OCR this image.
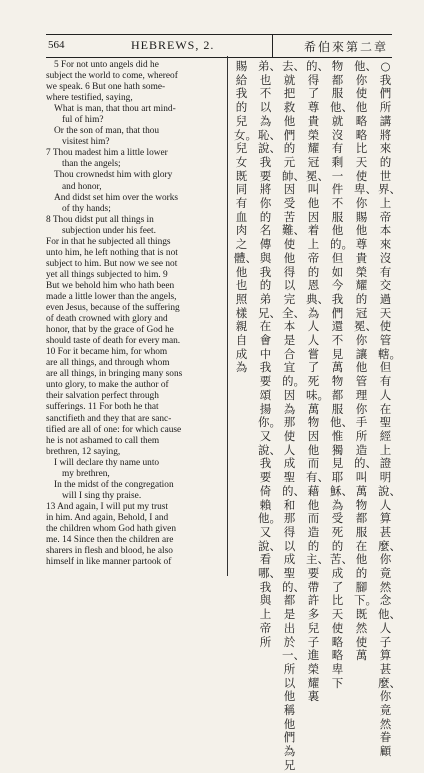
564	HEBREWS, 2.	希伯來第二章
5 For not unto angels did he
subject the world to come, whereof
we speak. 6 But one hath some-
where testified, saying,
What is man, that thou art mind-
ful of him?
Or the son of man, that thou
visitest him?
7 Thou madest him a little lower
than the angels;
Thou crownedst him with glory
and honor,
And didst set him over the works
of thy hands;
8 Thou didst put all things in
subjection under his feet.
For in that he subjected all things
unto him, he left nothing that is not
subject to him. But now we see not
yet all things subjected to him. 9
But we behold him who hath been
made a little lower than the angels,
even Jesus, because of the suffering
of death crowned with glory and
honor, that by the grace of God he
should taste of death for every man.
10 For it became him, for whom
are all things, and through whom
are all things, in bringing many sons
unto glory, to make the author of
their salvation perfect through
sufferings. 11 For both he that
sanctifieth and they that are sanc-
tified are all of one: for which cause
he is not ashamed to call them
brethren, 12 saying,
I will declare thy name unto
my brethren,
In the midst of the congregation
will I sing thy praise.
13 And again, I will put my trust
in him. And again, Behold, I and
the children whom God hath given
me. 14 Since then the children are
sharers in flesh and blood, he also
himself in like manner partook of
○我們所講將來的世界、上帝本來沒有交過天使管轄。但有人在聖經上證明說、人算甚麼、你竟然念他、人子算甚麼、你竟然眷顧
他、你使他略略比天使卑、你賜他尊貴榮耀的冠冕、你讓他管理你手所造的、叫萬物都服在他的腳下。既然使萬
物都服他、就沒有剩一件不服他的。但如今我們還不見萬物都服他、惟獨見耶穌、為受死的苦、成了比天使略略卑下
的、得了尊貴榮耀冠冕、叫他因着上帝的恩典、為人人嘗了死味。萬物因他而有、藉他而造的主、要帶許多兒子進榮耀裏
去、就把救他們的元帥、因受苦難、使他得以完全、本是合宜的。因為那使人成聖的、和那得以成聖的、都是出於一、所以他稱他們為兄
弟、也不以為恥、說、我要將你的名傳與我的弟兄、在會中我要頌揚你。又說、我要倚賴他。又說、看哪、我與上帝所
賜給我的兒女。兒女既同有血肉之體、他也照樣親自成為
